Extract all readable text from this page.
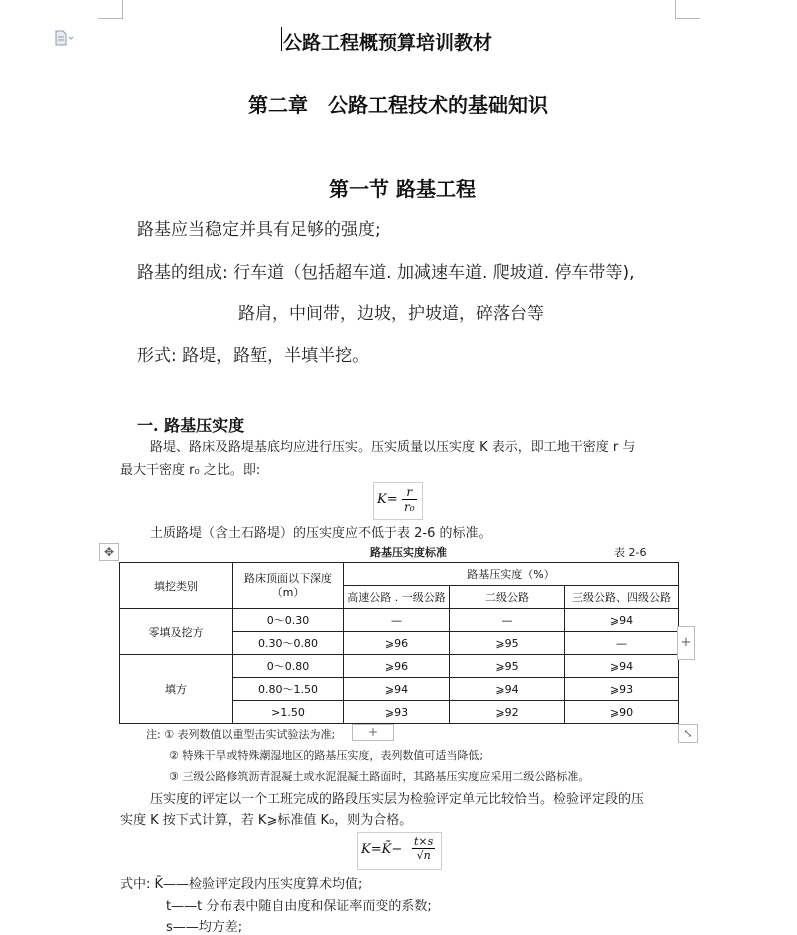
公路工程概预算培训教材
第二章　公路工程技术的基础知识
第一节 路基工程
路基应当稳定并具有足够的强度;
路基的组成: 行车道（包括超车道. 加减速车道. 爬坡道. 停车带等),
路肩，中间带，边坡，护坡道，碎落台等
形式: 路堤，路堑，半填半挖。
一. 路基压实度
路堤、路床及路堤基底均应进行压实。压实质量以压实度 K 表示，即工地干密度 r 与
最大干密度 r₀ 之比。即:
$K= \frac{r}{\text{r₀}}$
土质路堤（含土石路堤）的压实度应不低于表 2-6 的标准。
✥	路基压实度标准	表 2-6
填挖类别	路床顶面以下深度（m）	路基压实度（%）		
		高速公路 . 一级公路	二级公路	三级公路、四级公路
零填及挖方	0～0.30	—	—	⩾94
	0.30～0.80	⩾96	⩾95	—
填方	0～0.80	⩾96	⩾95	⩾94
	0.80～1.50	⩾94	⩾94	⩾93
	>1.50	⩾93	⩾92	⩾90
+
+	⤡
注: ① 表列数值以重型击实试验法为准;
② 特殊干旱或特殊潮湿地区的路基压实度，表列数值可适当降低;
③ 三级公路修筑沥青混凝土或水泥混凝土路面时，其路基压实度应采用二级公路标准。
压实度的评定以一个工班完成的路段压实层为检验评定单元比较恰当。检验评定段的压
实度 K 按下式计算，若 K⩾标准值 K₀，则为合格。
K=K̄− $\frac{t\times s}{√n}$
式中: K̄——检验评定段内压实度算术均值;
t——t 分布表中随自由度和保证率而变的系数;
s——均方差;
